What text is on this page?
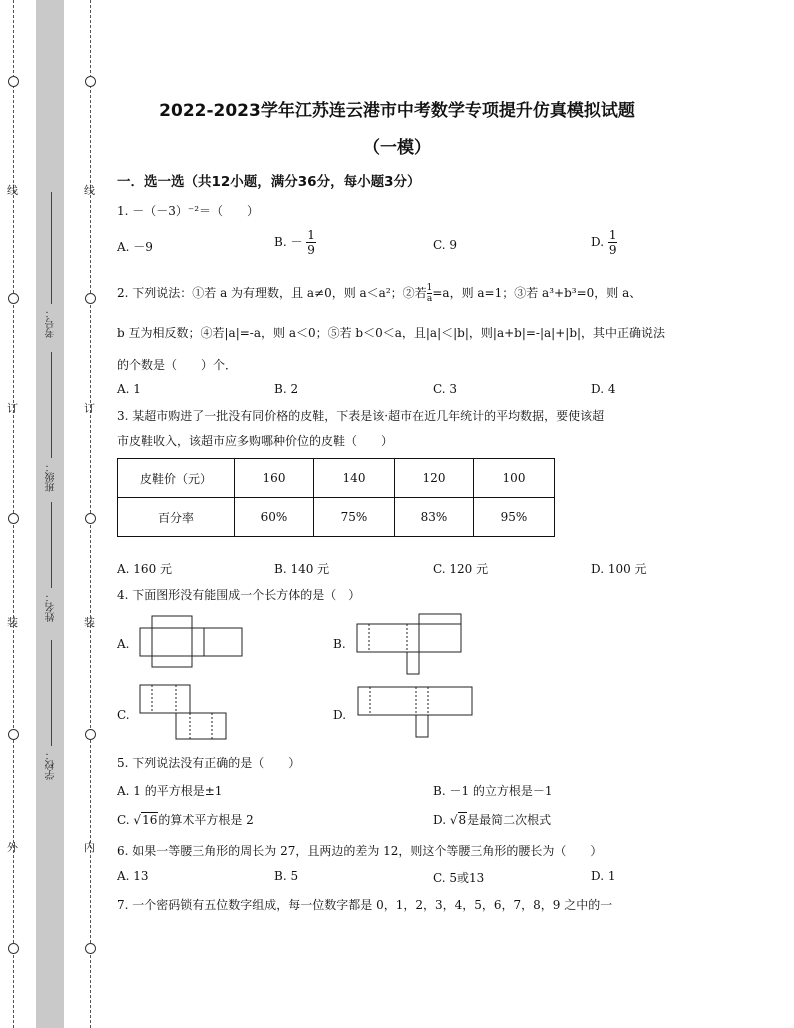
线
订
装
外
线
订
装
内
考号：
班级：
姓名：
学校：
2022-2023学年江苏连云港市中考数学专项提升仿真模拟试题
（一模）
一．选一选（共12小题，满分36分，每小题3分）
1. －（－3）⁻²＝（　　）
A. －9	B. － $\frac{1}{9}$	C. 9	D. $\frac{1}{9}$
2. 下列说法：①若 a 为有理数，且 a≠0，则 a＜a²；②若 $\frac{1}{a}=a$，则 a=1；③若 a³+b³=0，则 a、
b 互为相反数；④若|a|=-a，则 a＜0；⑤若 b＜0＜a，且|a|＜|b|，则|a+b|=-|a|+|b|，其中正确说法
的个数是（　　）个．
A. 1	B. 2	C. 3	D. 4
3. 某超市购进了一批没有同价格的皮鞋，下表是该·超市在近几年统计的平均数据，要使该超
市皮鞋收入，该超市应多购哪种价位的皮鞋（　　）
皮鞋价（元）	160	140	120	100
百分率	60%	75%	83%	95%
A. 160 元	B. 140 元	C. 120 元	D. 100 元
4. 下面图形没有能围成一个长方体的是（　）
A.	B.
C.	D.
5. 下列说法没有正确的是（　　）
A. 1 的平方根是±1	B. －1 的立方根是－1
C. √16的算术平方根是 2	D. √8是最简二次根式
6. 如果一等腰三角形的周长为 27，且两边的差为 12，则这个等腰三角形的腰长为（　　）
A. 13	B. 5	C. 5或13	D. 1
7. 一个密码锁有五位数字组成，每一位数字都是 0，1，2，3，4，5，6，7，8，9 之中的一
